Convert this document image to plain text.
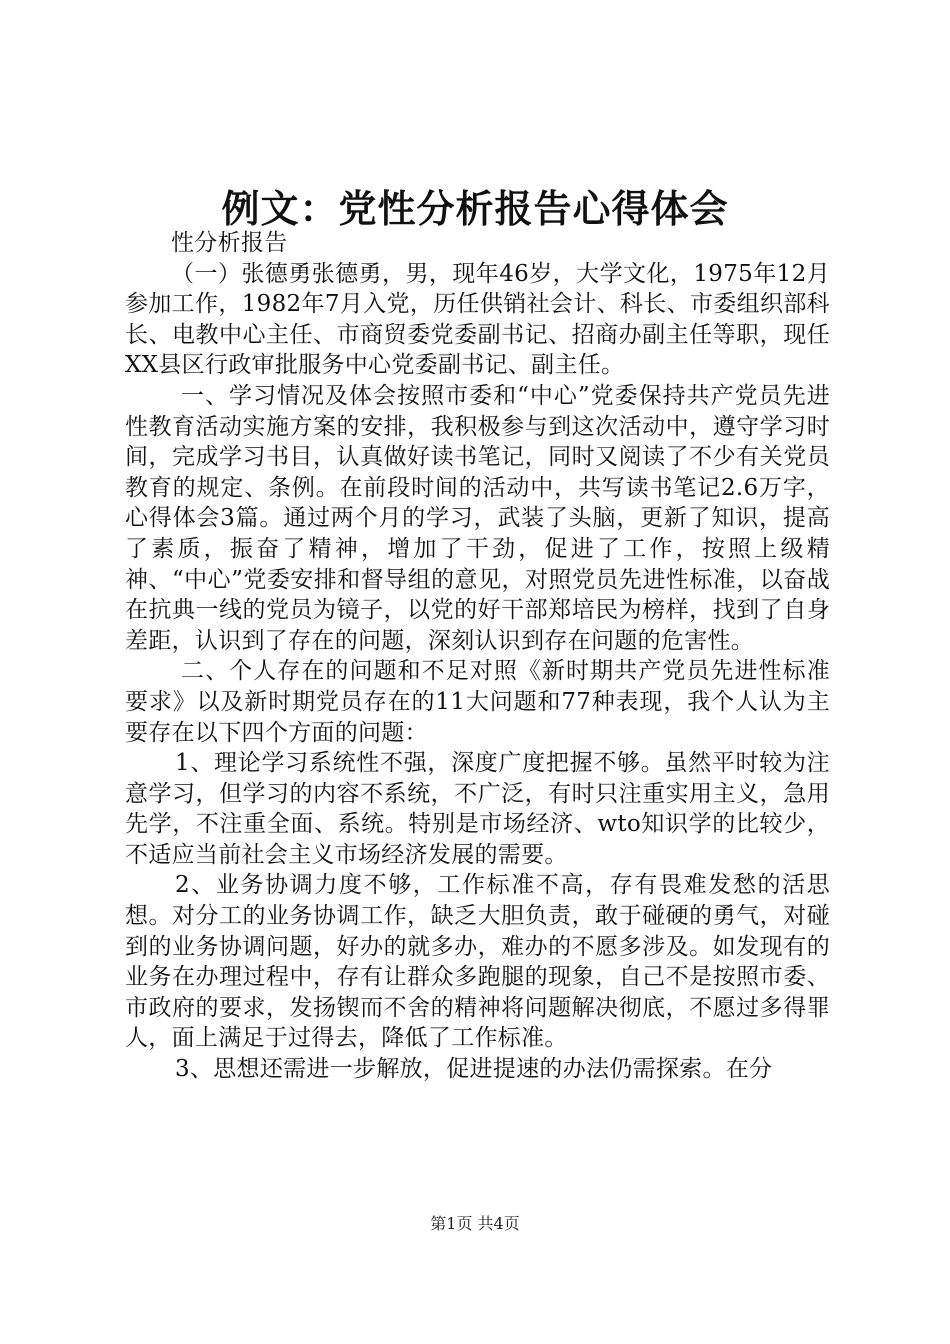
例文：党性分析报告心得体会

性分析报告

（一）张德勇张德勇，男，现年46岁，大学文化，1975年12月参加工作，1982年7月入党，历任供销社会计、科长、市委组织部科长、电教中心主任、市商贸委党委副书记、招商办副主任等职，现任XX县区行政审批服务中心党委副书记、副主任。

一、学习情况及体会按照市委和“中心”党委保持共产党员先进性教育活动实施方案的安排，我积极参与到这次活动中，遵守学习时间，完成学习书目，认真做好读书笔记，同时又阅读了不少有关党员教育的规定、条例。在前段时间的活动中，共写读书笔记2.6万字，心得体会3篇。通过两个月的学习，武装了头脑，更新了知识，提高了素质，振奋了精神，增加了干劲，促进了工作，按照上级精神、“中心”党委安排和督导组的意见，对照党员先进性标准，以奋战在抗典一线的党员为镜子，以党的好干部郑培民为榜样，找到了自身差距，认识到了存在的问题，深刻认识到存在问题的危害性。

二、个人存在的问题和不足对照《新时期共产党员先进性标准要求》以及新时期党员存在的11大问题和77种表现，我个人认为主要存在以下四个方面的问题：

1、理论学习系统性不强，深度广度把握不够。虽然平时较为注意学习，但学习的内容不系统，不广泛，有时只注重实用主义，急用先学，不注重全面、系统。特别是市场经济、wto知识学的比较少，不适应当前社会主义市场经济发展的需要。

2、业务协调力度不够，工作标准不高，存有畏难发愁的活思想。对分工的业务协调工作，缺乏大胆负责，敢于碰硬的勇气，对碰到的业务协调问题，好办的就多办，难办的不愿多涉及。如发现有的业务在办理过程中，存有让群众多跑腿的现象，自己不是按照市委、市政府的要求，发扬锲而不舍的精神将问题解决彻底，不愿过多得罪人，面上满足于过得去，降低了工作标准。

3、思想还需进一步解放，促进提速的办法仍需探索。在分

第1页 共4页
